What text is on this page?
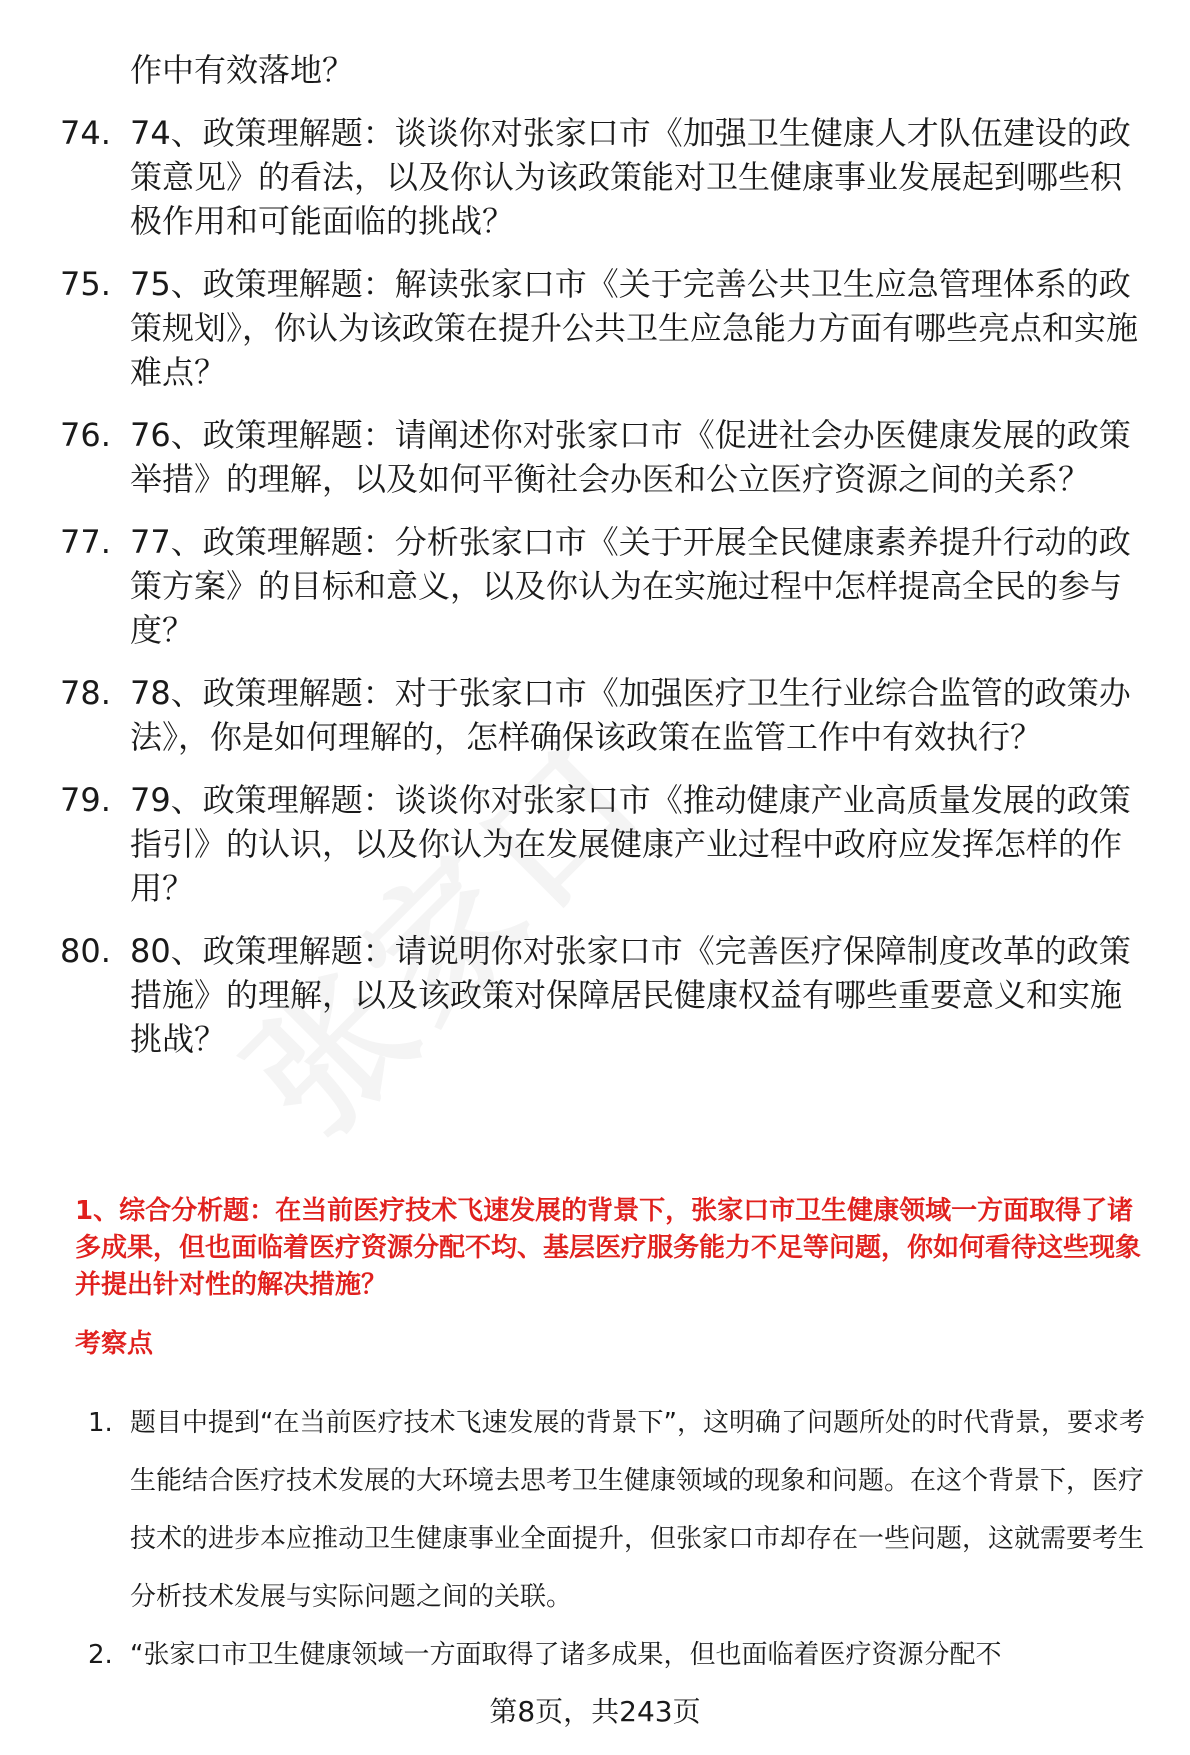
作中有效落地？
74. 74、政策理解题：谈谈你对张家口市《加强卫生健康人才队伍建设的政策意见》的看法，以及你认为该政策能对卫生健康事业发展起到哪些积极作用和可能面临的挑战？
75. 75、政策理解题：解读张家口市《关于完善公共卫生应急管理体系的政策规划》，你认为该政策在提升公共卫生应急能力方面有哪些亮点和实施难点？
76. 76、政策理解题：请阐述你对张家口市《促进社会办医健康发展的政策举措》的理解，以及如何平衡社会办医和公立医疗资源之间的关系？
77. 77、政策理解题：分析张家口市《关于开展全民健康素养提升行动的政策方案》的目标和意义，以及你认为在实施过程中怎样提高全民的参与度？
78. 78、政策理解题：对于张家口市《加强医疗卫生行业综合监管的政策办法》，你是如何理解的，怎样确保该政策在监管工作中有效执行？
79. 79、政策理解题：谈谈你对张家口市《推动健康产业高质量发展的政策指引》的认识，以及你认为在发展健康产业过程中政府应发挥怎样的作用？
80. 80、政策理解题：请说明你对张家口市《完善医疗保障制度改革的政策措施》的理解，以及该政策对保障居民健康权益有哪些重要意义和实施挑战？
1、综合分析题：在当前医疗技术飞速发展的背景下，张家口市卫生健康领域一方面取得了诸多成果，但也面临着医疗资源分配不均、基层医疗服务能力不足等问题，你如何看待这些现象并提出针对性的解决措施？
考察点
1. 题目中提到“在当前医疗技术飞速发展的背景下”，这明确了问题所处的时代背景，要求考生能结合医疗技术发展的大环境去思考卫生健康领域的现象和问题。在这个背景下，医疗技术的进步本应推动卫生健康事业全面提升，但张家口市却存在一些问题，这就需要考生分析技术发展与实际问题之间的关联。
2. “张家口市卫生健康领域一方面取得了诸多成果，但也面临着医疗资源分配不
第8页，共243页
